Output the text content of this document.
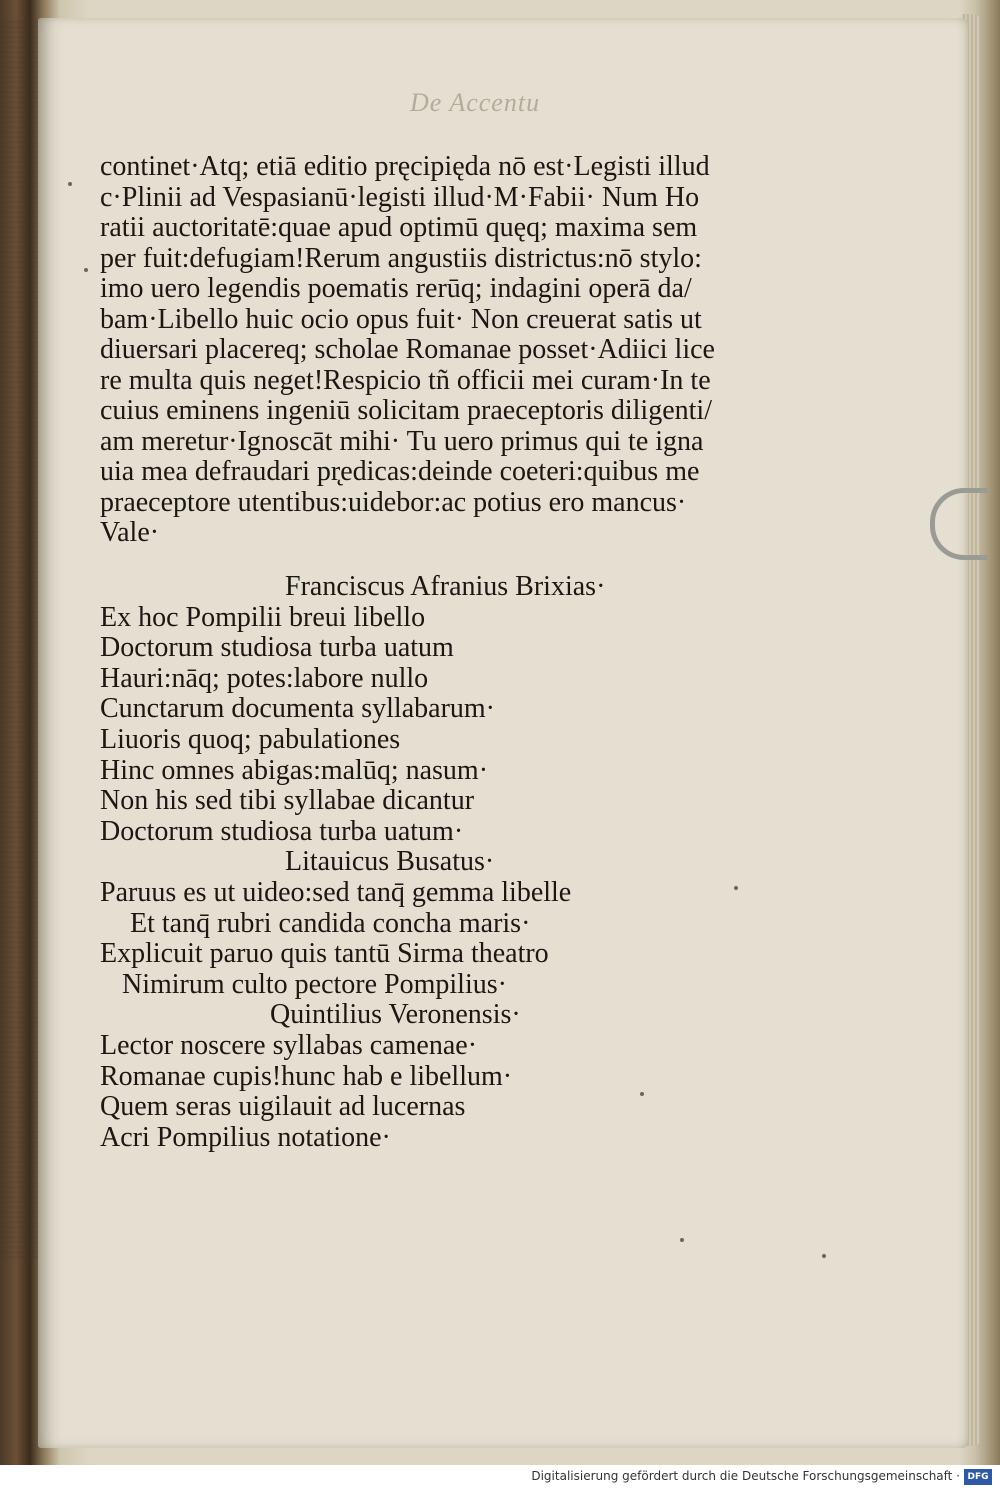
De Accentu
continet·Atq; etiā editio pręcipięda nō est·Legisti illud
c·Plinii ad Vespasianū·legisti illud·M·Fabii· Num Ho
ratii auctoritatē:quae apud optimū quęq; maxima sem
per fuit:defugiam!Rerum angustiis districtus:nō stylo:
imo uero legendis poematis rerūq; indagini operā da/
bam·Libello huic ocio opus fuit· Non creuerat satis ut
diuersari placereq; scholae Romanae posset·Adiici lice
re multa quis neget!Respicio tñ officii mei curam·In te
cuius eminens ingeniū solicitam praeceptoris diligenti/
am meretur·Ignoscāt mihi· Tu uero primus qui te igna
uia mea defraudari pr̨edicas:deinde coeteri:quibus me
praeceptore utentibus:uidebor:ac potius ero mancus·
Vale·
Franciscus Afranius Brixias·
Ex hoc Pompilii breui libello
Doctorum studiosa turba uatum
Hauri:nāq; potes:labore nullo
Cunctarum documenta syllabarum·
Liuoris quoq; pabulationes
Hinc omnes abigas:malūq; nasum·
Non his sed tibi syllabae dicantur
Doctorum studiosa turba uatum·
Litauicus Busatus·
Paruus es ut uideo:sed tanq̄ gemma libelle
Et tanq̄ rubri candida concha maris·
Explicuit paruo quis tantū Sirma theatro
Nimirum culto pectore Pompilius·
Quintilius Veronensis·
Lector noscere syllabas camenae·
Romanae cupis!hunc hab e libellum·
Quem seras uigilauit ad lucernas
Acri Pompilius notatione·
Digitalisierung gefördert durch die Deutsche Forschungsgemeinschaft · DFG
